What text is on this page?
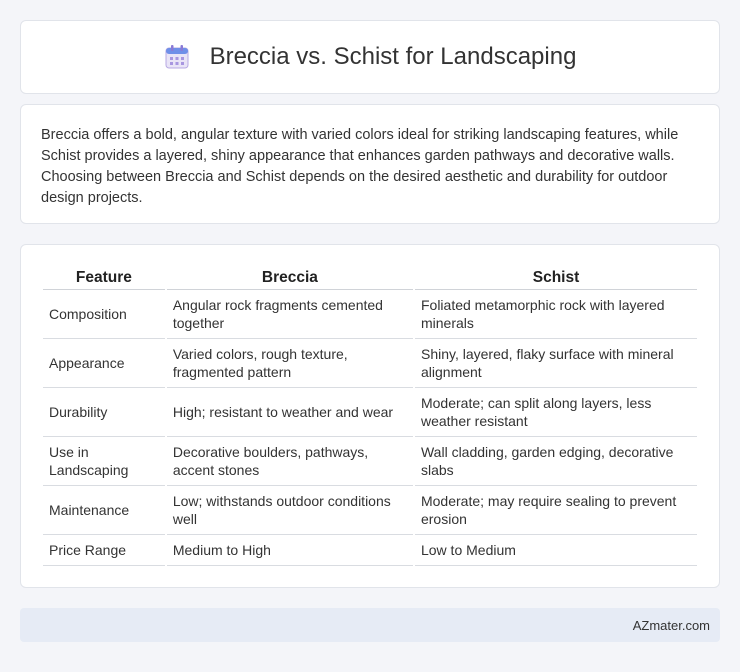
Breccia vs. Schist for Landscaping

Breccia offers a bold, angular texture with varied colors ideal for striking landscaping features, while Schist provides a layered, shiny appearance that enhances garden pathways and decorative walls. Choosing between Breccia and Schist depends on the desired aesthetic and durability for outdoor design projects.

Feature	Breccia	Schist
Composition	Angular rock fragments cemented together	Foliated metamorphic rock with layered minerals
Appearance	Varied colors, rough texture, fragmented pattern	Shiny, layered, flaky surface with mineral alignment
Durability	High; resistant to weather and wear	Moderate; can split along layers, less weather resistant
Use in Landscaping	Decorative boulders, pathways, accent stones	Wall cladding, garden edging, decorative slabs
Maintenance	Low; withstands outdoor conditions well	Moderate; may require sealing to prevent erosion
Price Range	Medium to High	Low to Medium
AZmater.com
